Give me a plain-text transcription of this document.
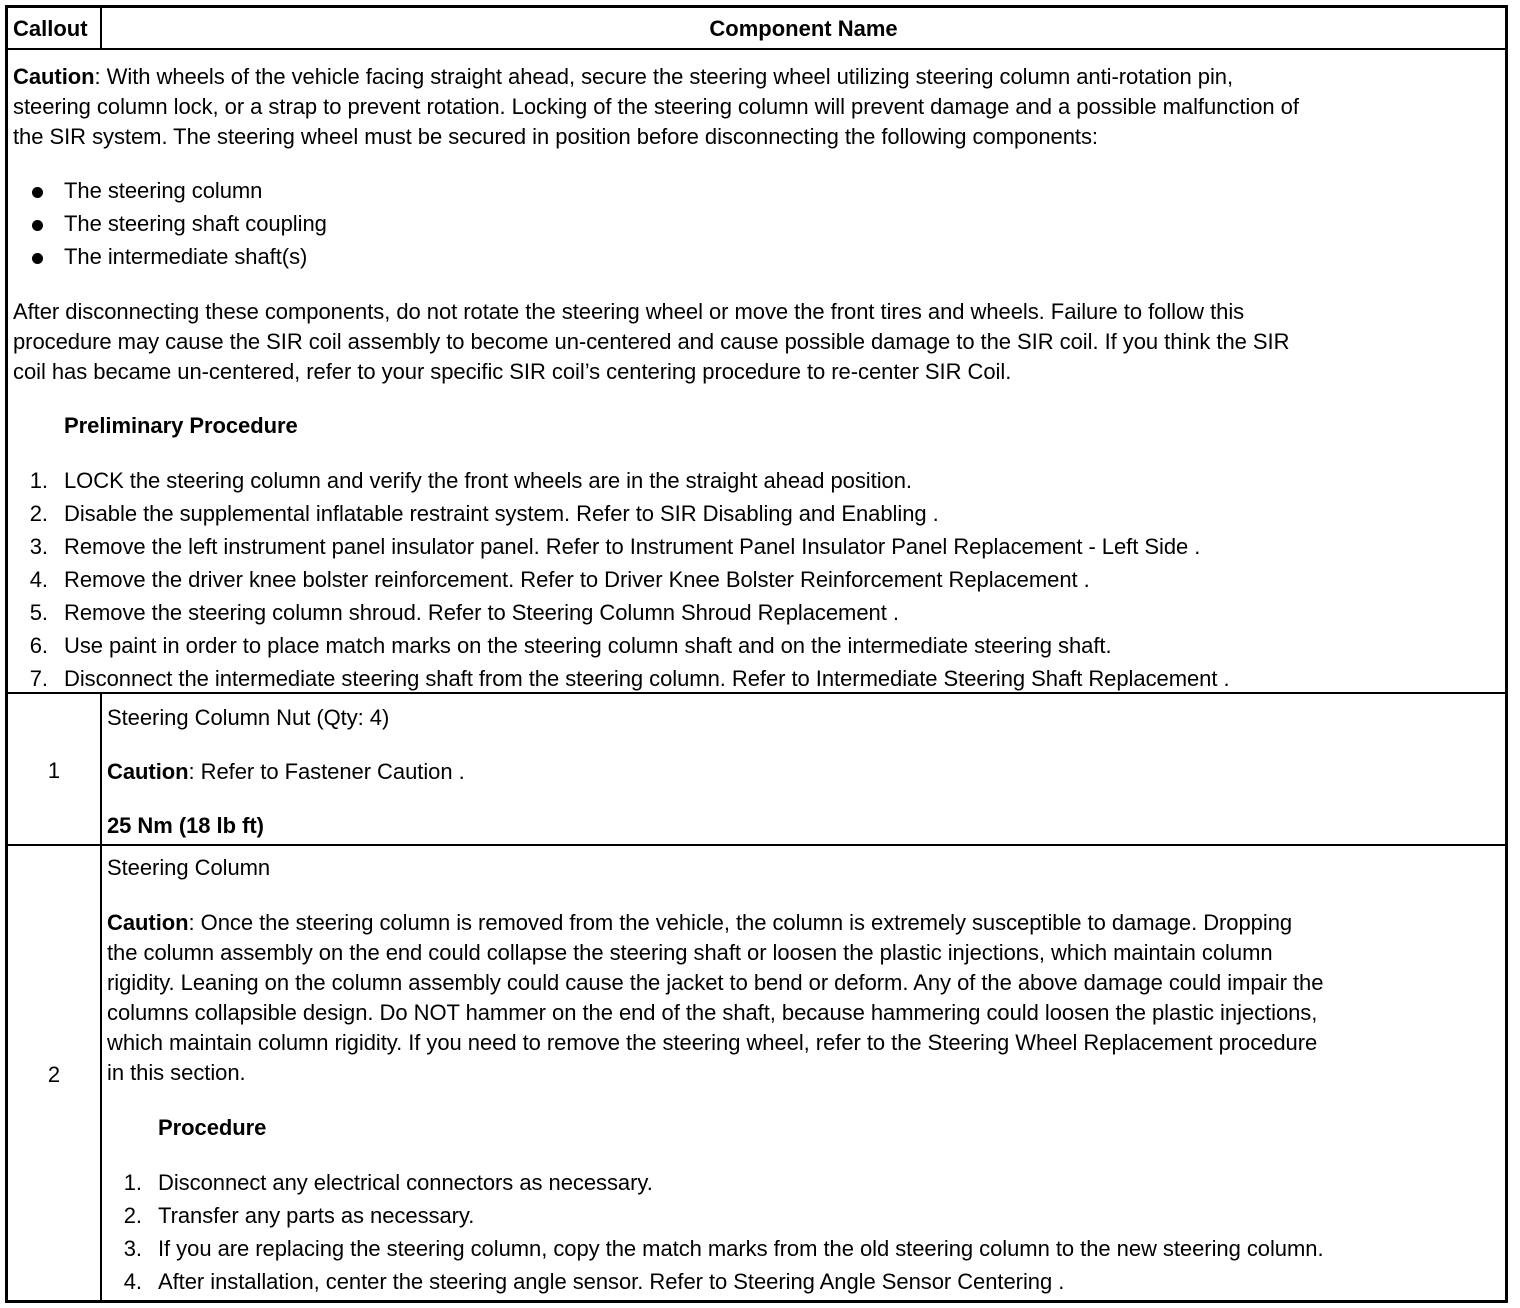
Callout	Component Name
Caution: With wheels of the vehicle facing straight ahead, secure the steering wheel utilizing steering column anti-rotation pin,
steering column lock, or a strap to prevent rotation. Locking of the steering column will prevent damage and a possible malfunction of
the SIR system. The steering wheel must be secured in position before disconnecting the following components:
The steering column
The steering shaft coupling
The intermediate shaft(s)
After disconnecting these components, do not rotate the steering wheel or move the front tires and wheels. Failure to follow this
procedure may cause the SIR coil assembly to become un-centered and cause possible damage to the SIR coil. If you think the SIR
coil has became un-centered, refer to your specific SIR coil’s centering procedure to re-center SIR Coil.
Preliminary Procedure
1. LOCK the steering column and verify the front wheels are in the straight ahead position.
2. Disable the supplemental inflatable restraint system. Refer to SIR Disabling and Enabling .
3. Remove the left instrument panel insulator panel. Refer to Instrument Panel Insulator Panel Replacement - Left Side .
4. Remove the driver knee bolster reinforcement. Refer to Driver Knee Bolster Reinforcement Replacement .
5. Remove the steering column shroud. Refer to Steering Column Shroud Replacement .
6. Use paint in order to place match marks on the steering column shaft and on the intermediate steering shaft.
7. Disconnect the intermediate steering shaft from the steering column. Refer to Intermediate Steering Shaft Replacement .
1
Steering Column Nut (Qty: 4)
Caution: Refer to Fastener Caution .
25 Nm (18 lb ft)
2
Steering Column
Caution: Once the steering column is removed from the vehicle, the column is extremely susceptible to damage. Dropping
the column assembly on the end could collapse the steering shaft or loosen the plastic injections, which maintain column
rigidity. Leaning on the column assembly could cause the jacket to bend or deform. Any of the above damage could impair the
columns collapsible design. Do NOT hammer on the end of the shaft, because hammering could loosen the plastic injections,
which maintain column rigidity. If you need to remove the steering wheel, refer to the Steering Wheel Replacement procedure
in this section.
Procedure
1. Disconnect any electrical connectors as necessary.
2. Transfer any parts as necessary.
3. If you are replacing the steering column, copy the match marks from the old steering column to the new steering column.
4. After installation, center the steering angle sensor. Refer to Steering Angle Sensor Centering .
